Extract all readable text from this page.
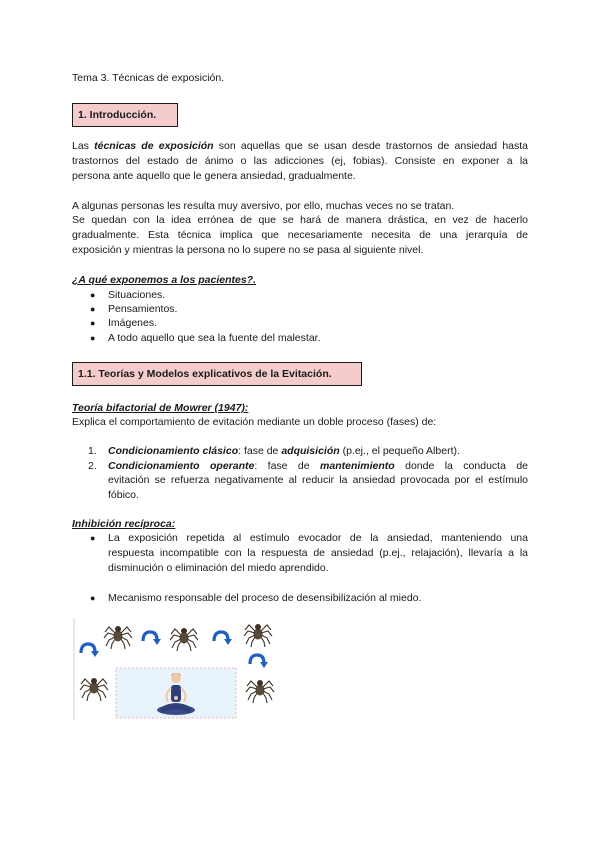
Tema 3. Técnicas de exposición.
1. Introducción.
Las técnicas de exposición son aquellas que se usan desde trastornos de ansiedad hasta
trastornos del estado de ánimo o las adicciones (ej, fobias). Consiste en exponer a la
persona ante aquello que le genera ansiedad, gradualmente.
A algunas personas les resulta muy aversivo, por ello, muchas veces no se tratan.
Se quedan con la idea errónea de que se hará de manera drástica, en vez de hacerlo
gradualmente. Esta técnica implica que necesariamente necesita de una jerarquía de
exposición y mientras la persona no lo supere no se pasa al siguiente nivel.
¿A qué exponemos a los pacientes?.
● Situaciones.
● Pensamientos.
● Imágenes.
● A todo aquello que sea la fuente del malestar.
1.1. Teorías y Modelos explicativos de la Evitación.
Teoría bifactorial de Mowrer (1947):
Explica el comportamiento de evitación mediante un doble proceso (fases) de:
1. Condicionamiento clásico: fase de adquisición (p.ej., el pequeño Albert).
2. Condicionamiento operante: fase de mantenimiento donde la conducta de
evitación se refuerza negativamente al reducir la ansiedad provocada por el estímulo
fóbico.
Inhibición recíproca:
● La exposición repetida al estímulo evocador de la ansiedad, manteniendo una
respuesta incompatible con la respuesta de ansiedad (p.ej., relajación), llevaría a la
disminución o eliminación del miedo aprendido.
● Mecanismo responsable del proceso de desensibilización al miedo.
